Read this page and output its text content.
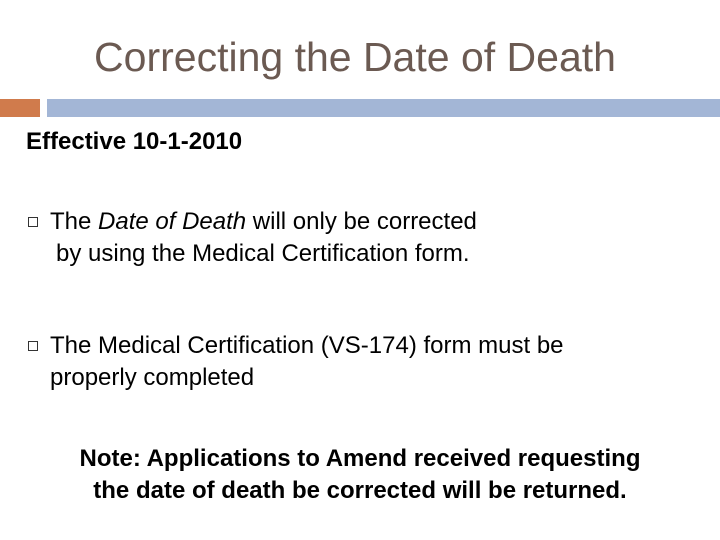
Correcting the Date of Death
Effective 10-1-2010
The Date of Death will only be corrected
by using the Medical Certification form.
The Medical Certification (VS-174) form must be
properly completed
Note: Applications to Amend received requesting
the date of death be corrected will be returned.
